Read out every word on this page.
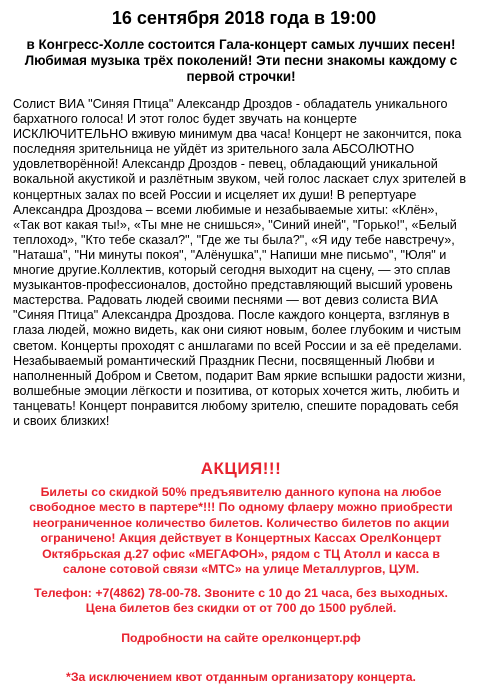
16 сентября 2018 года в 19:00

в Конгресс-Холле состоится Гала-концерт самых лучших песен! Любимая музыка трёх поколений! Эти песни знакомы каждому с первой строчки!

Солист ВИА "Синяя Птица" Александр Дроздов - обладатель уникального бархатного голоса! И этот голос будет звучать на концерте ИСКЛЮЧИТЕЛЬНО вживую минимум два часа! Концерт не закончится, пока последняя зрительница не уйдёт из зрительного зала АБСОЛЮТНО удовлетворённой! Александр Дроздов - певец, обладающий уникальной вокальной акустикой и разлётным звуком, чей голос ласкает слух зрителей в концертных залах по всей России и исцеляет их души! В репертуаре Александра Дроздова – всеми любимые и незабываемые хиты: «Клён», «Так вот какая ты!», «Ты мне не снишься», "Синий иней", "Горько!", «Белый теплоход», "Кто тебе сказал?", "Где же ты была?", «Я иду тебе навстречу», "Наташа", "Ни минуты покоя", "Алёнушка"," Напиши мне письмо", "Юля" и многие другие.Коллектив, который сегодня выходит на сцену, — это сплав музыкантов-профессионалов, достойно представляющий высший уровень мастерства. Радовать людей своими песнями — вот девиз солиста ВИА "Синяя Птица" Александра Дроздова. После каждого концерта, взглянув в глаза людей, можно видеть, как они сияют новым, более глубоким и чистым светом. Концерты проходят с аншлагами по всей России и за её пределами. Незабываемый романтический Праздник Песни, посвященный Любви и наполненный Добром и Светом, подарит Вам яркие вспышки радости жизни, волшебные эмоции лёгкости и позитива, от которых хочется жить, любить и танцевать! Концерт понравится любому зрителю, спешите порадовать себя и своих близких!

АКЦИЯ!!!

Билеты со скидкой 50% предъявителю данного купона на любое свободное место в партере*!!! По одному флаеру можно приобрести неограниченное количество билетов. Количество билетов по акции ограничено! Акция действует в Концертных Кассах ОрелКонцерт Октябрьская д.27 офис «МЕГАФОН», рядом с ТЦ Атолл и касса в салоне сотовой связи «МТС» на улице Металлургов, ЦУМ.

Телефон: +7(4862) 78-00-78. Звоните с 10 до 21 часа, без выходных. Цена билетов без скидки от от 700 до 1500 рублей.

Подробности на сайте орелконцерт.рф

*За исключением квот отданным организатору концерта.
